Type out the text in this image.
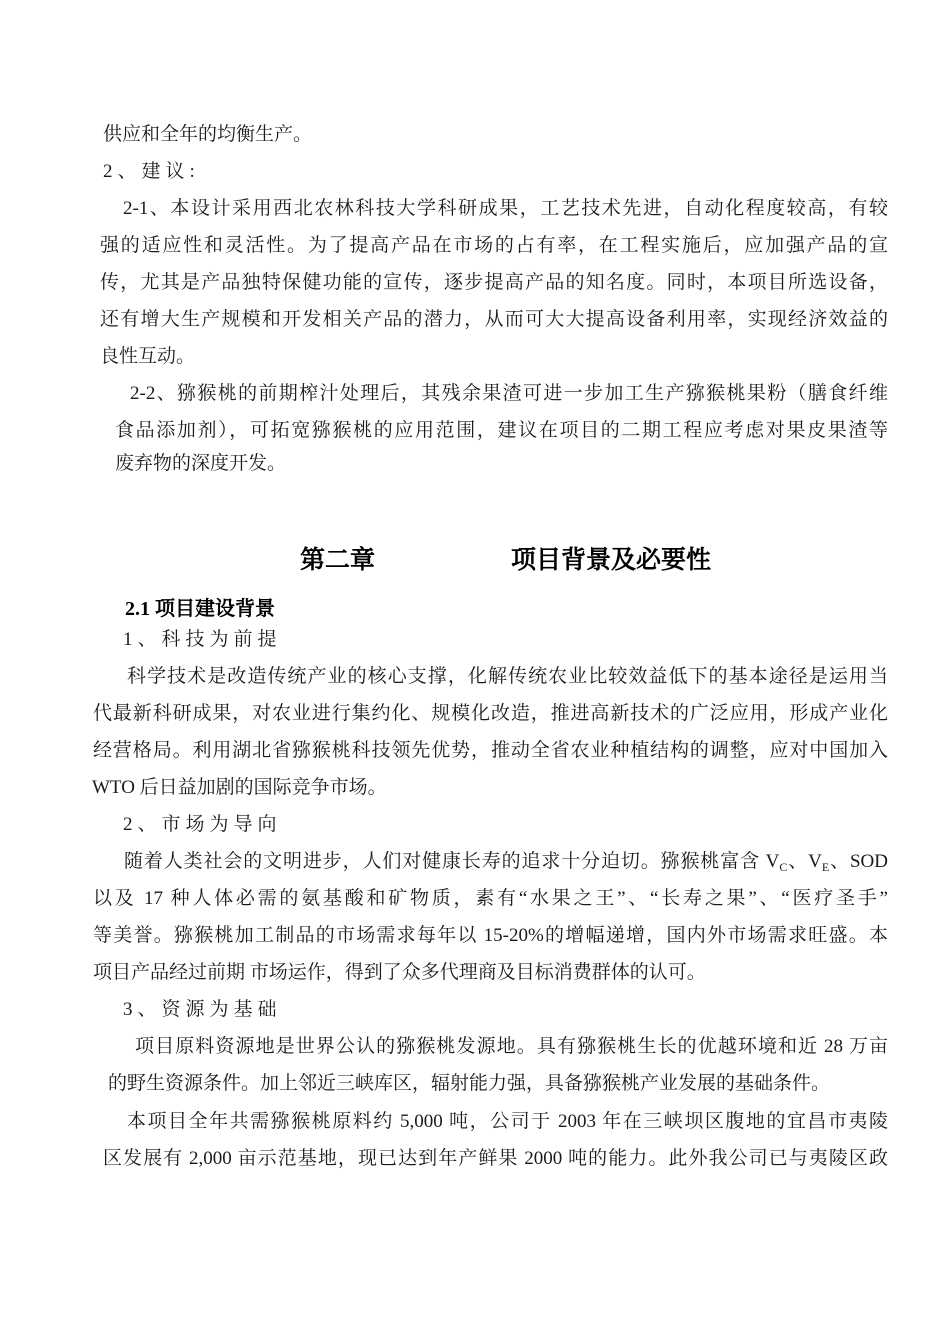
供应和全年的均衡生产。
2、建议:
2-1、本设计采用西北农林科技大学科研成果，工艺技术先进，自动化程度较高，有较
强的适应性和灵活性。为了提高产品在市场的占有率，在工程实施后，应加强产品的宣
传，尤其是产品独特保健功能的宣传，逐步提高产品的知名度。同时，本项目所选设备，
还有增大生产规模和开发相关产品的潜力，从而可大大提高设备利用率，实现经济效益的
良性互动。
2-2、猕猴桃的前期榨汁处理后，其残余果渣可进一步加工生产猕猴桃果粉（膳食纤维
食品添加剂），可拓宽猕猴桃的应用范围，建议在项目的二期工程应考虑对果皮果渣等
废弃物的深度开发。

第二章	项目背景及必要性

2.1 项目建设背景
1、科技为前提
科学技术是改造传统产业的核心支撑，化解传统农业比较效益低下的基本途径是运用当
代最新科研成果，对农业进行集约化、规模化改造，推进高新技术的广泛应用，形成产业化
经营格局。利用湖北省猕猴桃科技领先优势，推动全省农业种植结构的调整，应对中国加入
WTO 后日益加剧的国际竞争市场。
2、市场为导向
随着人类社会的文明进步，人们对健康长寿的追求十分迫切。猕猴桃富含 $V_C$、$V_E$、SOD
以及 17 种人体必需的氨基酸和矿物质，素有“水果之王”、“长寿之果”、“医疗圣手”
等美誉。猕猴桃加工制品的市场需求每年以 15-20%的增幅递增，国内外市场需求旺盛。本
项目产品经过前期 市场运作，得到了众多代理商及目标消费群体的认可。
3、资源为基础
项目原料资源地是世界公认的猕猴桃发源地。具有猕猴桃生长的优越环境和近 28 万亩
的野生资源条件。加上邻近三峡库区，辐射能力强，具备猕猴桃产业发展的基础条件。
本项目全年共需猕猴桃原料约 5,000 吨，公司于 2003 年在三峡坝区腹地的宜昌市夷陵
区发展有 2,000 亩示范基地，现已达到年产鲜果 2000 吨的能力。此外我公司已与夷陵区政
